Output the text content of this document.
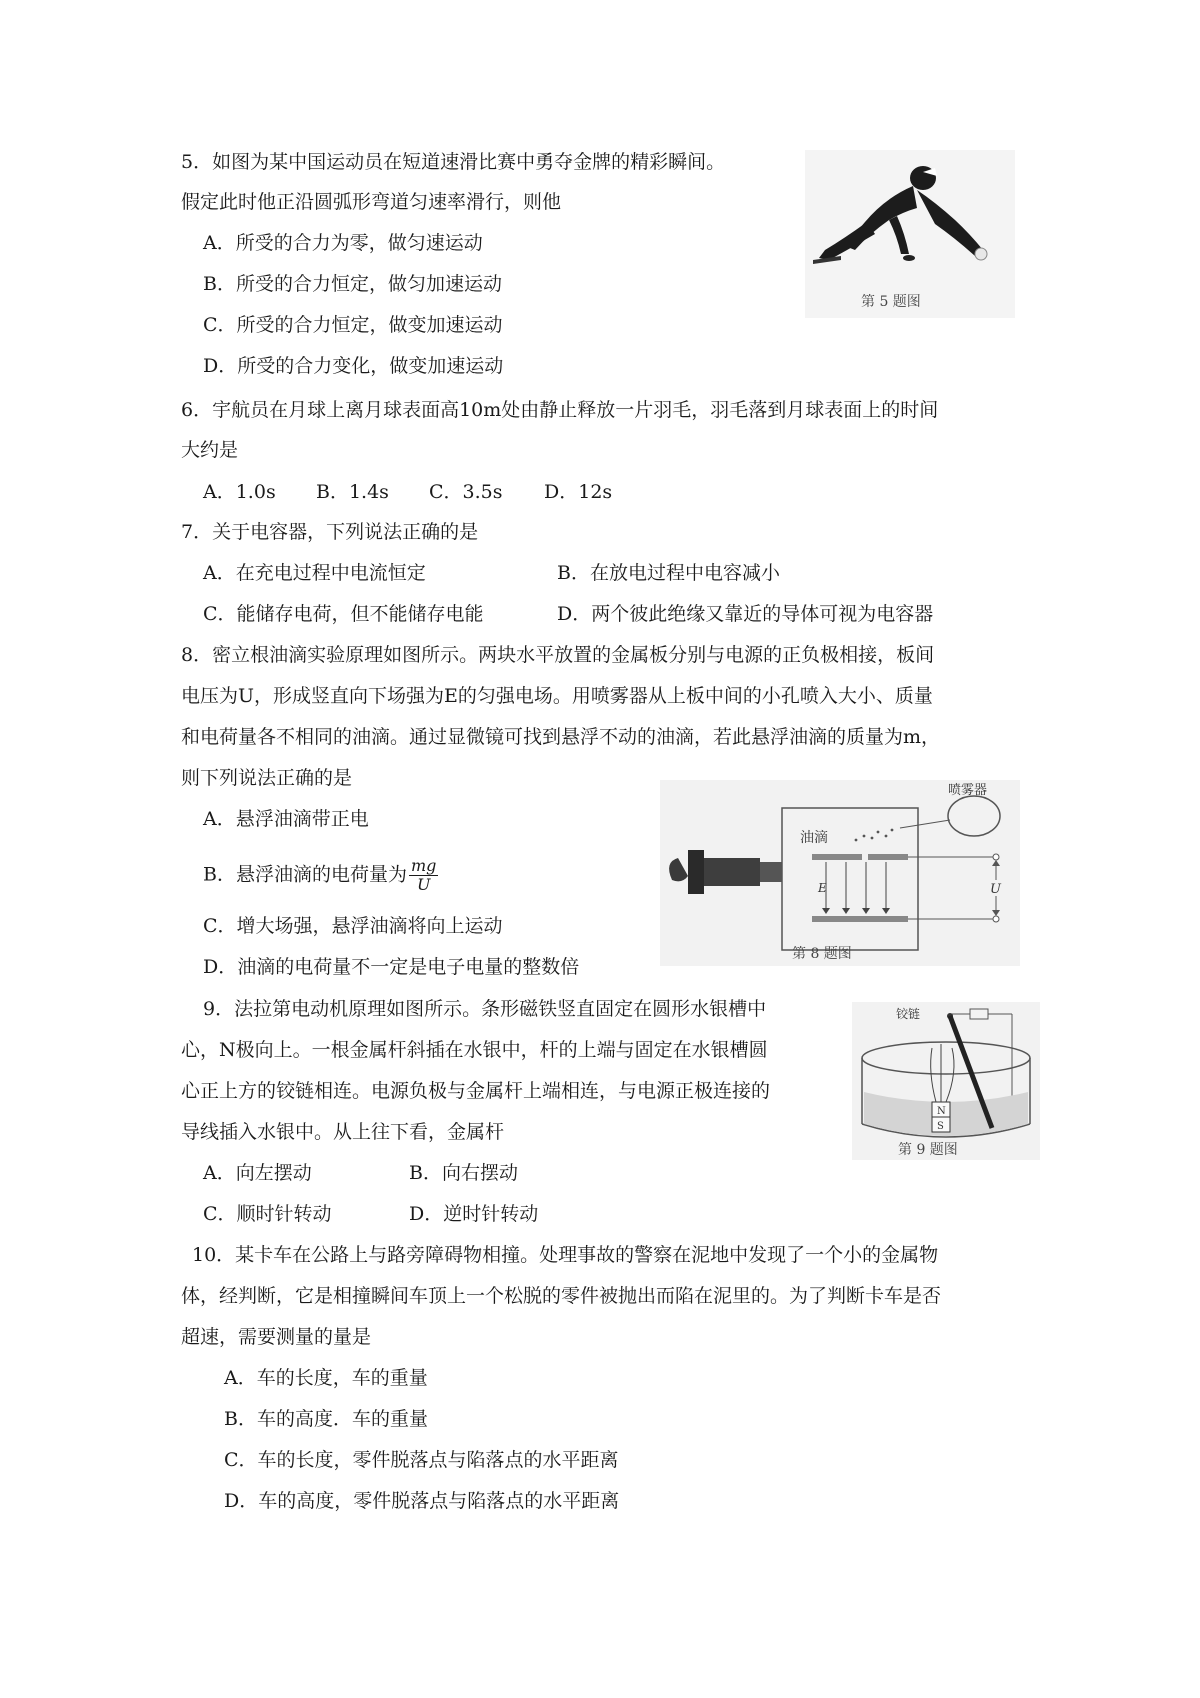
5．如图为某中国运动员在短道速滑比赛中勇夺金牌的精彩瞬间。
假定此时他正沿圆弧形弯道匀速率滑行，则他
A．所受的合力为零，做匀速运动
B．所受的合力恒定，做匀加速运动
C．所受的合力恒定，做变加速运动
D．所受的合力变化，做变加速运动
第 5 题图
6．宇航员在月球上离月球表面高10m处由静止释放一片羽毛，羽毛落到月球表面上的时间
大约是
A．1.0s B．1.4s C．3.5s D．12s
7．关于电容器，下列说法正确的是
A．在充电过程中电流恒定	B．在放电过程中电容减小
C．能储存电荷，但不能储存电能	D．两个彼此绝缘又靠近的导体可视为电容器
8．密立根油滴实验原理如图所示。两块水平放置的金属板分别与电源的正负极相接，板间
电压为U，形成竖直向下场强为E的匀强电场。用喷雾器从上板中间的小孔喷入大小、质量
和电荷量各不相同的油滴。通过显微镜可找到悬浮不动的油滴，若此悬浮油滴的质量为m，
则下列说法正确的是
A．悬浮油滴带正电
B．悬浮油滴的电荷量为 $\frac{mg}{U}$
C．增大场强，悬浮油滴将向上运动
D．油滴的电荷量不一定是电子电量的整数倍
E
油滴
喷雾器
U
第 8 题图
9．法拉第电动机原理如图所示。条形磁铁竖直固定在圆形水银槽中
心，N极向上。一根金属杆斜插在水银中，杆的上端与固定在水银槽圆
心正上方的铰链相连。电源负极与金属杆上端相连，与电源正极连接的
导线插入水银中。从上往下看，金属杆
A．向左摆动	B．向右摆动
C．顺时针转动	D．逆时针转动
铰链
N
S
第 9 题图
10．某卡车在公路上与路旁障碍物相撞。处理事故的警察在泥地中发现了一个小的金属物
体，经判断，它是相撞瞬间车顶上一个松脱的零件被抛出而陷在泥里的。为了判断卡车是否
超速，需要测量的量是
A．车的长度，车的重量
B．车的高度．车的重量
C．车的长度，零件脱落点与陷落点的水平距离
D．车的高度，零件脱落点与陷落点的水平距离
